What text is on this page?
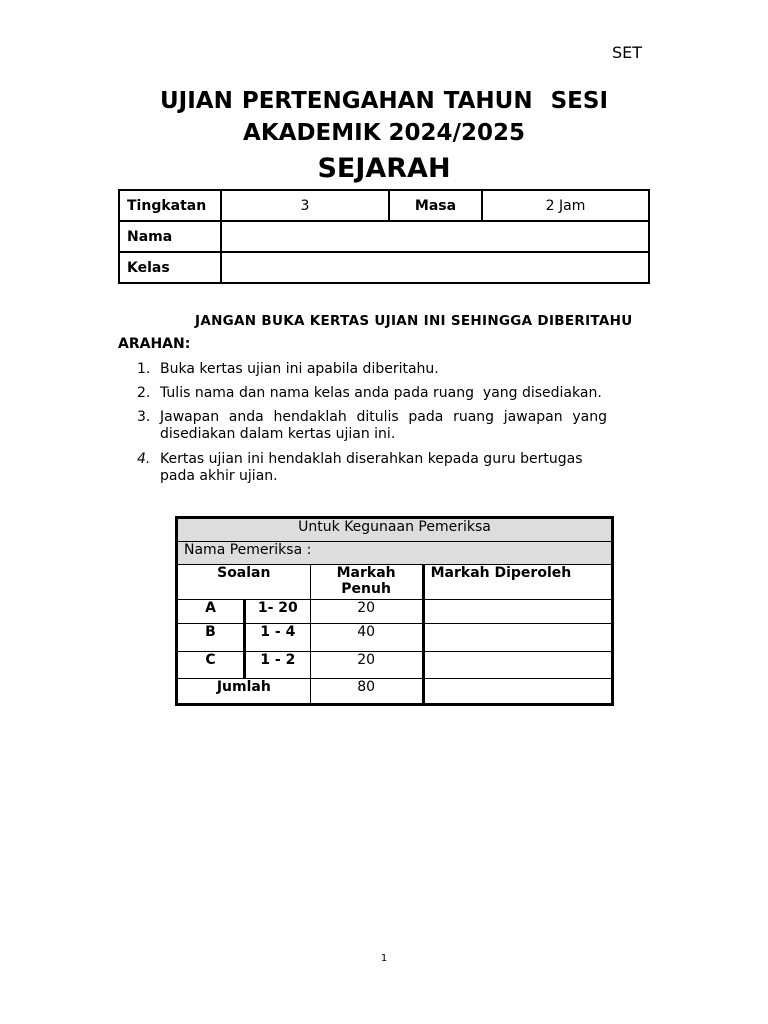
SET
UJIAN PERTENGAHAN TAHUN  SESI
AKADEMIK 2024/2025
SEJARAH
Tingkatan	3	Masa	2 Jam
Nama			
Kelas			
JANGAN BUKA KERTAS UJIAN INI SEHINGGA DIBERITAHU
ARAHAN:
1. Buka kertas ujian ini apabila diberitahu.
2. Tulis nama dan nama kelas anda pada ruang  yang disediakan.
3. Jawapan anda hendaklah ditulis pada ruang jawapan yang disediakan dalam kertas ujian ini.
4. Kertas ujian ini hendaklah diserahkan kepada guru bertugas pada akhir ujian.
Untuk Kegunaan Pemeriksa			
Nama Pemeriksa :			
Soalan		Markah Penuh	Markah Diperoleh
A	1- 20	20	
B	1 - 4	40	
C	1 - 2	20	
Jumlah		80	
1
